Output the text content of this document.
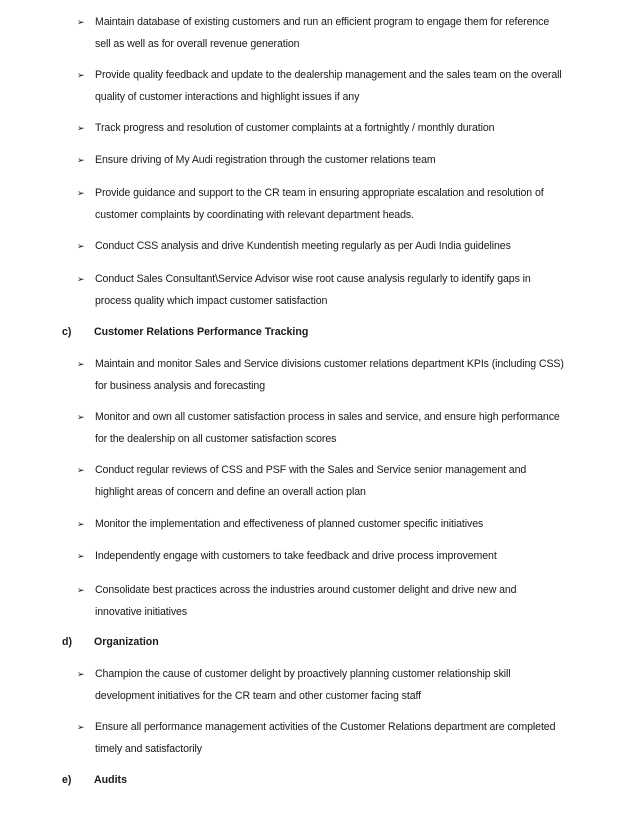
➢ Maintain database of existing customers and run an efficient program to engage them for reference sell as well as for overall revenue generation
➢ Provide quality feedback and update to the dealership management and the sales team on the overall quality of customer interactions and highlight issues if any
➢ Track progress and resolution of customer complaints at a fortnightly / monthly duration
➢ Ensure driving of My Audi registration through the customer relations team
➢ Provide guidance and support to the CR team in ensuring appropriate escalation and resolution of customer complaints by coordinating with relevant department heads.
➢ Conduct CSS analysis and drive Kundentish meeting regularly as per Audi India guidelines
➢ Conduct Sales Consultant\Service Advisor wise root cause analysis regularly to identify gaps in process quality which impact customer satisfaction
c) Customer Relations Performance Tracking
➢ Maintain and monitor Sales and Service divisions customer relations department KPIs (including CSS) for business analysis and forecasting
➢ Monitor and own all customer satisfaction process in sales and service, and ensure high performance for the dealership on all customer satisfaction scores
➢ Conduct regular reviews of CSS and PSF with the Sales and Service senior management and highlight areas of concern and define an overall action plan
➢ Monitor the implementation and effectiveness of planned customer specific initiatives
➢ Independently engage with customers to take feedback and drive process improvement
➢ Consolidate best practices across the industries around customer delight and drive new and innovative initiatives
d) Organization
➢ Champion the cause of customer delight by proactively planning customer relationship skill development initiatives for the CR team and other customer facing staff
➢ Ensure all performance management activities of the Customer Relations department are completed timely and satisfactorily
e) Audits
